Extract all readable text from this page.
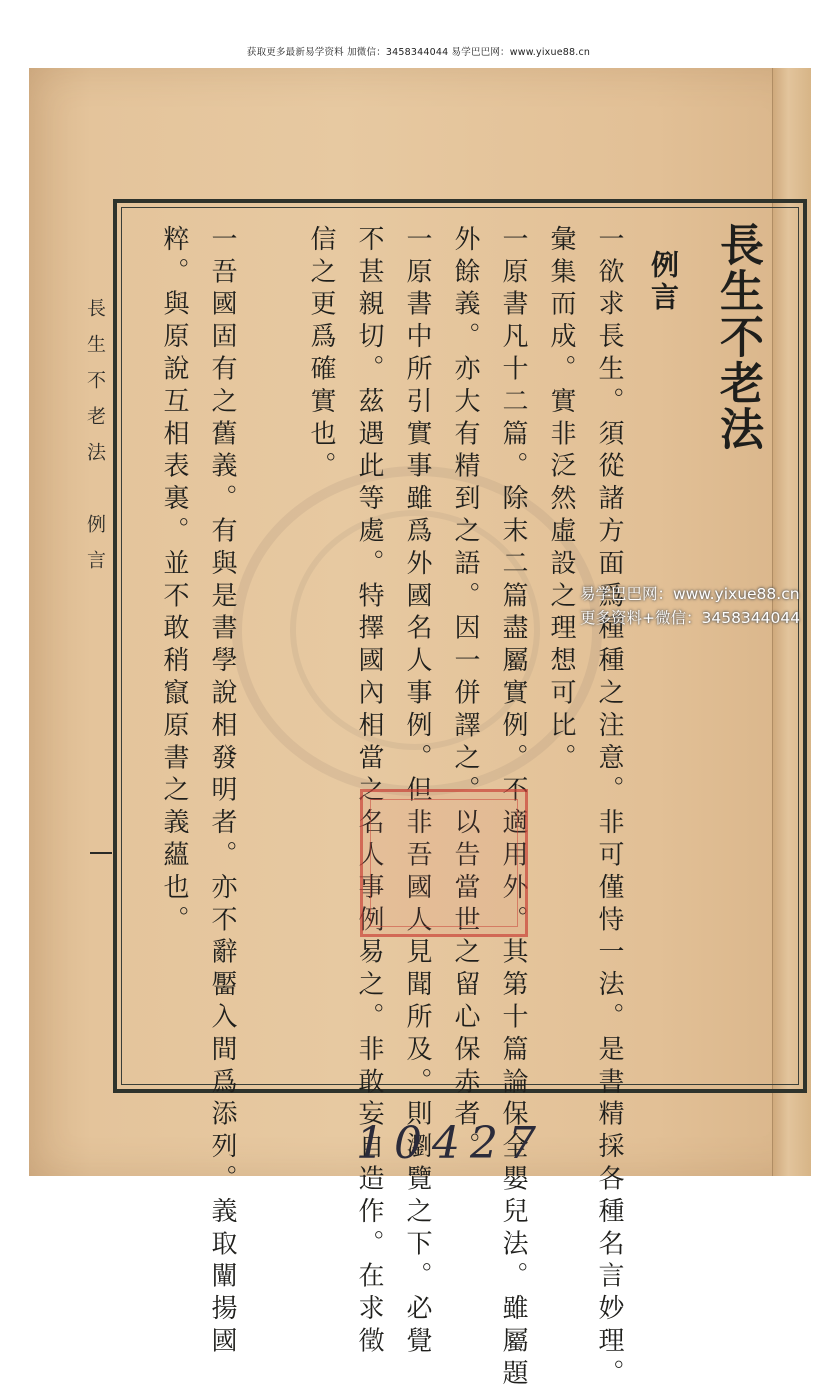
获取更多最新易学资料 加微信：3458344044 易学巴巴网：www.yixue88.cn
長生不老法
例言
一欲求長生。須從諸方面爲種種之注意。非可僅恃一法。是書精採各種名言妙理。
彙集而成。實非泛然虛設之理想可比。
一原書凡十二篇。除末二篇盡屬實例。不適用外。其第十篇論保全嬰兒法。雖屬題
外餘義。亦大有精到之語。因一併譯之。以告當世之留心保赤者。
一原書中所引實事雖爲外國名人事例。但非吾國人見聞所及。則瀏覽之下。必覺
不甚親切。茲遇此等處。特擇國內相當之名人事例易之。非敢妄自造作。在求徵
信之更爲確實也。
一吾國固有之舊義。有與是書學說相發明者。亦不辭靨入間爲添列。義取闡揚國
粹。與原說互相表裏。並不敢稍竄原書之義蘊也。
長生不老法　例言
易学巴巴网：www.yixue88.cn
更多资料+微信：3458344044
10427
